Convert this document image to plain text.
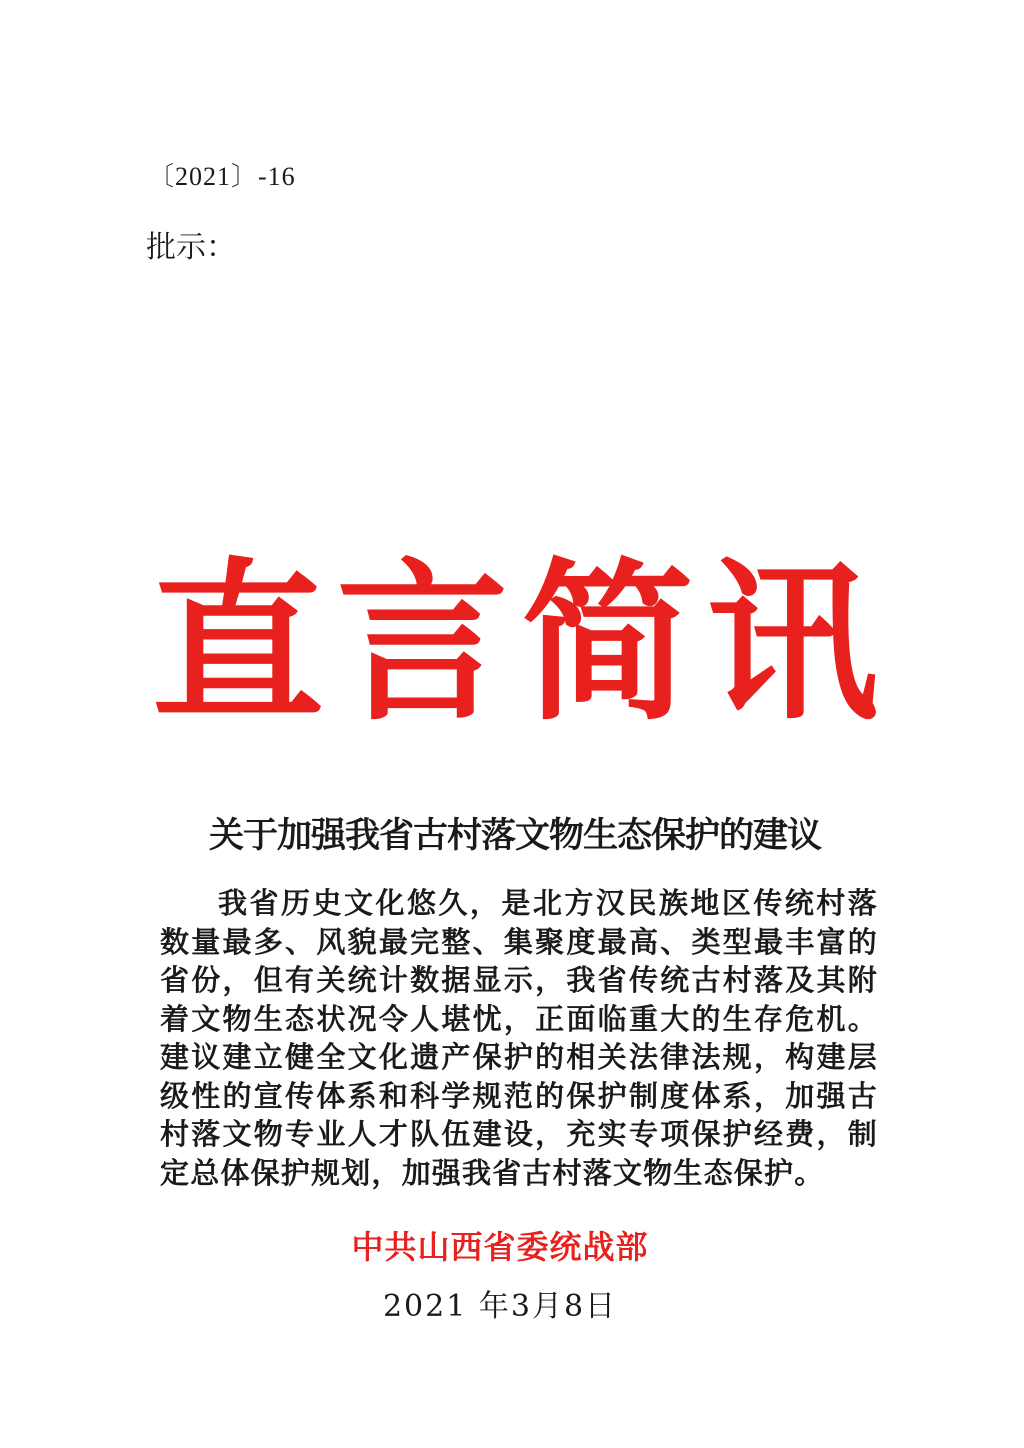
〔2021〕-16
批示：
直 言 简 讯
关于加强我省古村落文物生态保护的建议

我省历史文化悠久，是北方汉民族地区传统村落数量最多、风貌最完整、集聚度最高、类型最丰富的省份，但有关统计数据显示，我省传统古村落及其附着文物生态状况令人堪忧，正面临重大的生存危机。建议建立健全文化遗产保护的相关法律法规，构建层级性的宣传体系和科学规范的保护制度体系，加强古村落文物专业人才队伍建设，充实专项保护经费，制定总体保护规划，加强我省古村落文物生态保护。

中共山西省委统战部
2021 年3月8日
